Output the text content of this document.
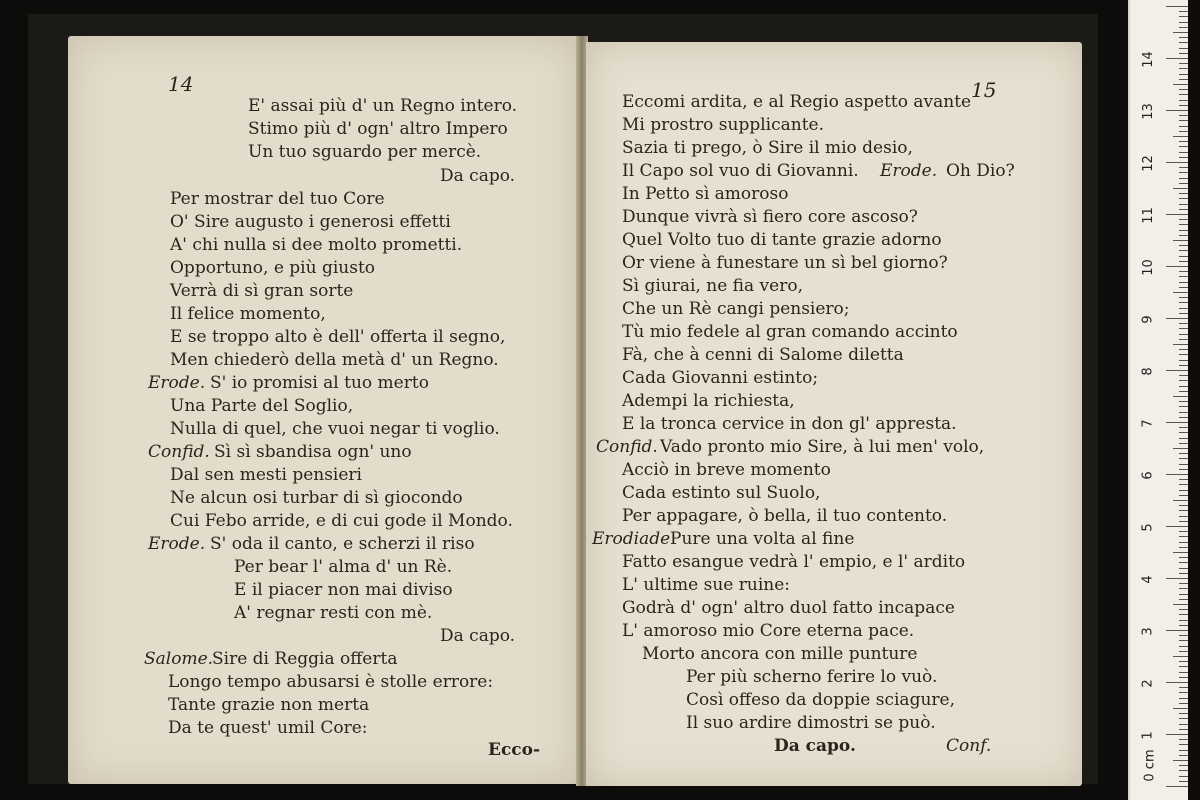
14
E' assai più d' un Regno intero.
Stimo più d' ogn' altro Impero
Un tuo sguardo per mercè.
Da capo.
Per mostrar del tuo Core
O' Sire augusto i generosi effetti
A' chi nulla si dee molto prometti.
Opportuno, e più giusto
Verrà di sì gran sorte
Il felice momento,
E se troppo alto è dell' offerta il segno,
Men chiederò della metà d' un Regno.
Erode. S' io promisi al tuo merto
Una Parte del Soglio,
Nulla di quel, che vuoi negar ti voglio.
Confid. Sì sì sbandisa ogn' uno
Dal sen mesti pensieri
Ne alcun osi turbar di sì giocondo
Cui Febo arride, e di cui gode il Mondo.
Erode. S' oda il canto, e scherzi il riso
Per bear l' alma d' un Rè.
E il piacer non mai diviso
A' regnar resti con mè.
Da capo.
Salome.
Sire di Reggia offerta
Longo tempo abusarsi è stolle errore:
Tante grazie non merta
Da te quest' umil Core:
Ecco-
15
Eccomi ardita, e al Regio aspetto avante
Mi prostro supplicante.
Sazia ti prego, ò Sire il mio desio,
Il Capo sol vuo di Giovanni. Erode. Oh Dio?
In Petto sì amoroso
Dunque vivrà sì fiero core ascoso?
Quel Volto tuo di tante grazie adorno
Or viene à funestare un sì bel giorno?
Sì giurai, ne fia vero,
Che un Rè cangi pensiero;
Tù mio fedele al gran comando accinto
Fà, che à cenni di Salome diletta
Cada Giovanni estinto;
Adempi la richiesta,
E la tronca cervice in don gl' appresta.
Confid. Vado pronto mio Sire, à lui men' volo,
Acciò in breve momento
Cada estinto sul Suolo,
Per appagare, ò bella, il tuo contento.
Erodiade Pure una volta al fine
Fatto esangue vedrà l' empio, e l' ardito
L' ultime sue ruine:
Godrà d' ogn' altro duol fatto incapace
L' amoroso mio Core eterna pace.
Morto ancora con mille punture
Per più scherno ferire lo vuò.
Così offeso da doppie sciagure,
Il suo ardire dimostri se può.
Da capo.	Conf.
0 cm
1
2
3
4
5
6
7
8
9
10
11
12
13
14
